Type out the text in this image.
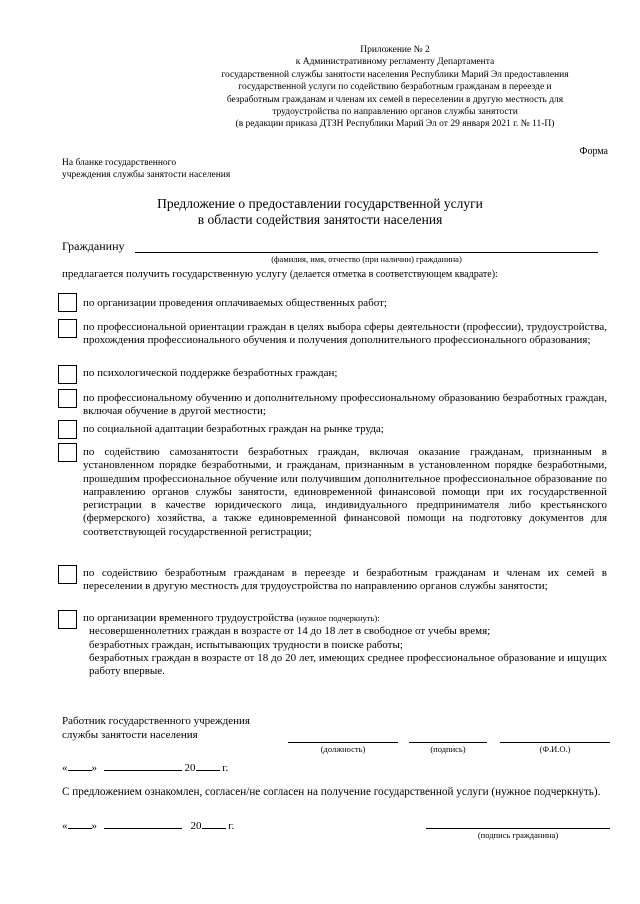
Приложение № 2
к Административному регламенту Департамента
государственной службы занятости населения Республики Марий Эл предоставления
государственной услуги по содействию безработным гражданам в переезде и
безработным гражданам и членам их семей в переселении в другую местность для
трудоустройства по направлению органов службы занятости
(в редакции приказа ДТЗН Республики Марий Эл от 29 января 2021 г. № 11-П)
Форма
На бланке государственного
учреждения службы занятости населения
Предложение о предоставлении государственной услуги
в области содействия занятости населения
Гражданину
(фамилия, имя, отчество (при наличии) гражданина)
предлагается получить государственную услугу (делается отметка в соответствующем квадрате):
по организации проведения оплачиваемых общественных работ;
по профессиональной ориентации граждан в целях выбора сферы деятельности (профессии), трудоустройства, прохождения профессионального обучения и получения дополнительного профессионального образования;
по психологической поддержке безработных граждан;
по профессиональному обучению и дополнительному профессиональному образованию безработных граждан, включая обучение в другой местности;
по социальной адаптации безработных граждан на рынке труда;
по содействию самозанятости безработных граждан, включая оказание гражданам, признанным в установленном порядке безработными, и гражданам, признанным в установленном порядке безработными, прошедшим профессиональное обучение или получившим дополнительное профессиональное образование по направлению органов службы занятости, единовременной финансовой помощи при их государственной регистрации в качестве юридического лица, индивидуального предпринимателя либо крестьянского (фермерского) хозяйства, а также единовременной финансовой помощи на подготовку документов для соответствующей государственной регистрации;
по содействию безработным гражданам в переезде и безработным гражданам и членам их семей в переселении в другую местность для трудоустройства по направлению органов службы занятости;
по организации временного трудоустройства (нужное подчеркнуть):
несовершеннолетних граждан в возрасте от 14 до 18 лет в свободное от учебы время;
безработных граждан, испытывающих трудности в поиске работы;
безработных граждан в возрасте от 18 до 20 лет, имеющих среднее профессиональное образование и ищущих работу впервые.
Работник государственного учреждения
службы занятости населения
(должность)	(подпись)	(Ф.И.О.)
« »	20 г.
С предложением ознакомлен, согласен/не согласен на получение государственной услуги (нужное подчеркнуть).
« »	20 г.
(подпись гражданина)
